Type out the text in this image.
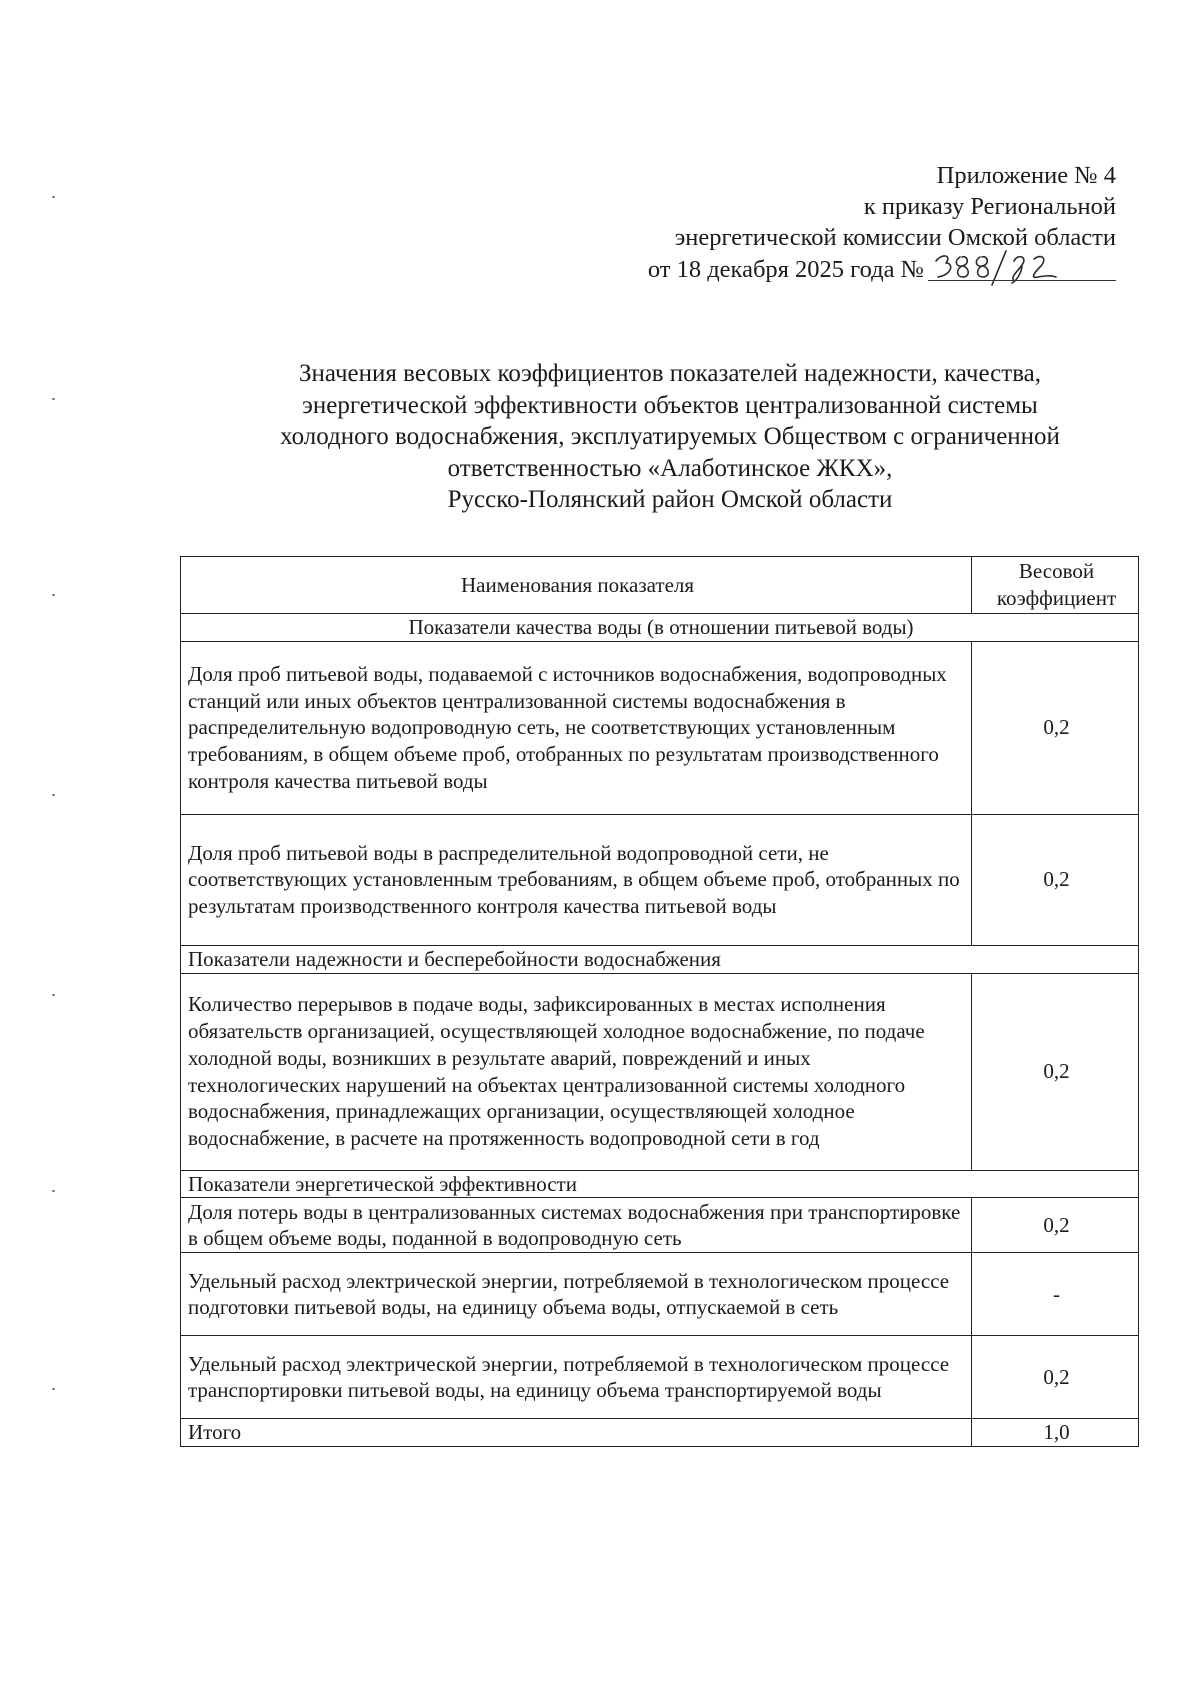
Приложение № 4
к приказу Региональной
энергетической комиссии Омской области
от 18 декабря 2025 года №
Значения весовых коэффициентов показателей надежности, качества,
энергетической эффективности объектов централизованной системы
холодного водоснабжения, эксплуатируемых Обществом с ограниченной
ответственностью «Алаботинское ЖКХ»,
Русско-Полянский район Омской области
Наименования показателя	Весовой коэффициент
Показатели качества воды (в отношении питьевой воды)	
Доля проб питьевой воды, подаваемой с источников водоснабжения, водопроводных станций или иных объектов централизованной системы водоснабжения в распределительную водопроводную сеть, не соответствующих установленным требованиям, в общем объеме проб, отобранных по результатам производственного контроля качества питьевой воды	0,2
Доля проб питьевой воды в распределительной водопроводной сети, не соответствующих установленным требованиям, в общем объеме проб, отобранных по результатам производственного контроля качества питьевой воды	0,2
Показатели надежности и бесперебойности водоснабжения	
Количество перерывов в подаче воды, зафиксированных в местах исполнения обязательств организацией, осуществляющей холодное водоснабжение, по подаче холодной воды, возникших в результате аварий, повреждений и иных технологических нарушений на объектах централизованной системы холодного водоснабжения, принадлежащих организации, осуществляющей холодное водоснабжение, в расчете на протяженность водопроводной сети в год	0,2
Показатели энергетической эффективности	
Доля потерь воды в централизованных системах водоснабжения при транспортировке в общем объеме воды, поданной в водопроводную сеть	0,2
Удельный расход электрической энергии, потребляемой в технологическом процессе подготовки питьевой воды, на единицу объема воды, отпускаемой в сеть	-
Удельный расход электрической энергии, потребляемой в технологическом процессе транспортировки питьевой воды, на единицу объема транспортируемой воды	0,2
Итого	1,0
